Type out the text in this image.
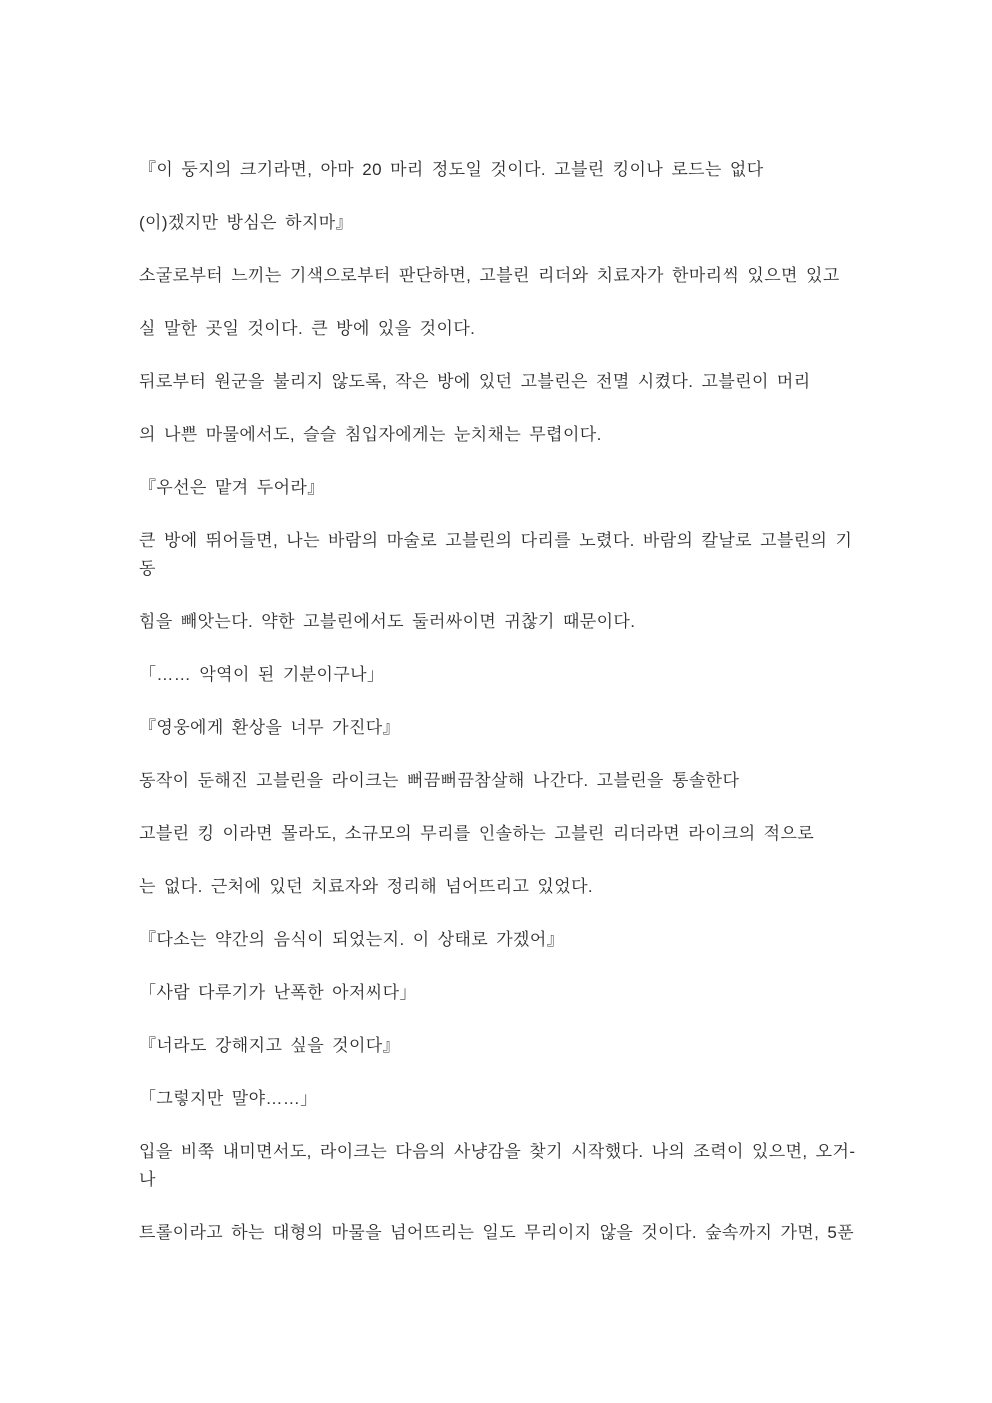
『이 둥지의 크기라면, 아마 20 마리 정도일 것이다. 고블린 킹이나 로드는 없다

(이)겠지만 방심은 하지마』

소굴로부터 느끼는 기색으로부터 판단하면, 고블린 리더와 치료자가 한마리씩 있으면 있고

실 말한 곳일 것이다. 큰 방에 있을 것이다.

뒤로부터 원군을 불리지 않도록, 작은 방에 있던 고블린은 전멸 시켰다. 고블린이 머리

의 나쁜 마물에서도, 슬슬 침입자에게는 눈치채는 무렵이다.

『우선은 맡겨 두어라』

큰 방에 뛰어들면, 나는 바람의 마술로 고블린의 다리를 노렸다. 바람의 칼날로 고블린의 기동

힘을 빼앗는다. 약한 고블린에서도 둘러싸이면 귀찮기 때문이다.

「…… 악역이 된 기분이구나」

『영웅에게 환상을 너무 가진다』

동작이 둔해진 고블린을 라이크는 뻐끔뻐끔참살해 나간다. 고블린을 통솔한다

고블린 킹 이라면 몰라도, 소규모의 무리를 인솔하는 고블린 리더라면 라이크의 적으로

는 없다. 근처에 있던 치료자와 정리해 넘어뜨리고 있었다.

『다소는 약간의 음식이 되었는지. 이 상태로 가겠어』

「사람 다루기가 난폭한 아저씨다」

『너라도 강해지고 싶을 것이다』

「그렇지만 말야……」

입을 비쭉 내미면서도, 라이크는 다음의 사냥감을 찾기 시작했다. 나의 조력이 있으면, 오거-나

트롤이라고 하는 대형의 마물을 넘어뜨리는 일도 무리이지 않을 것이다. 숲속까지 가면, 5푼
